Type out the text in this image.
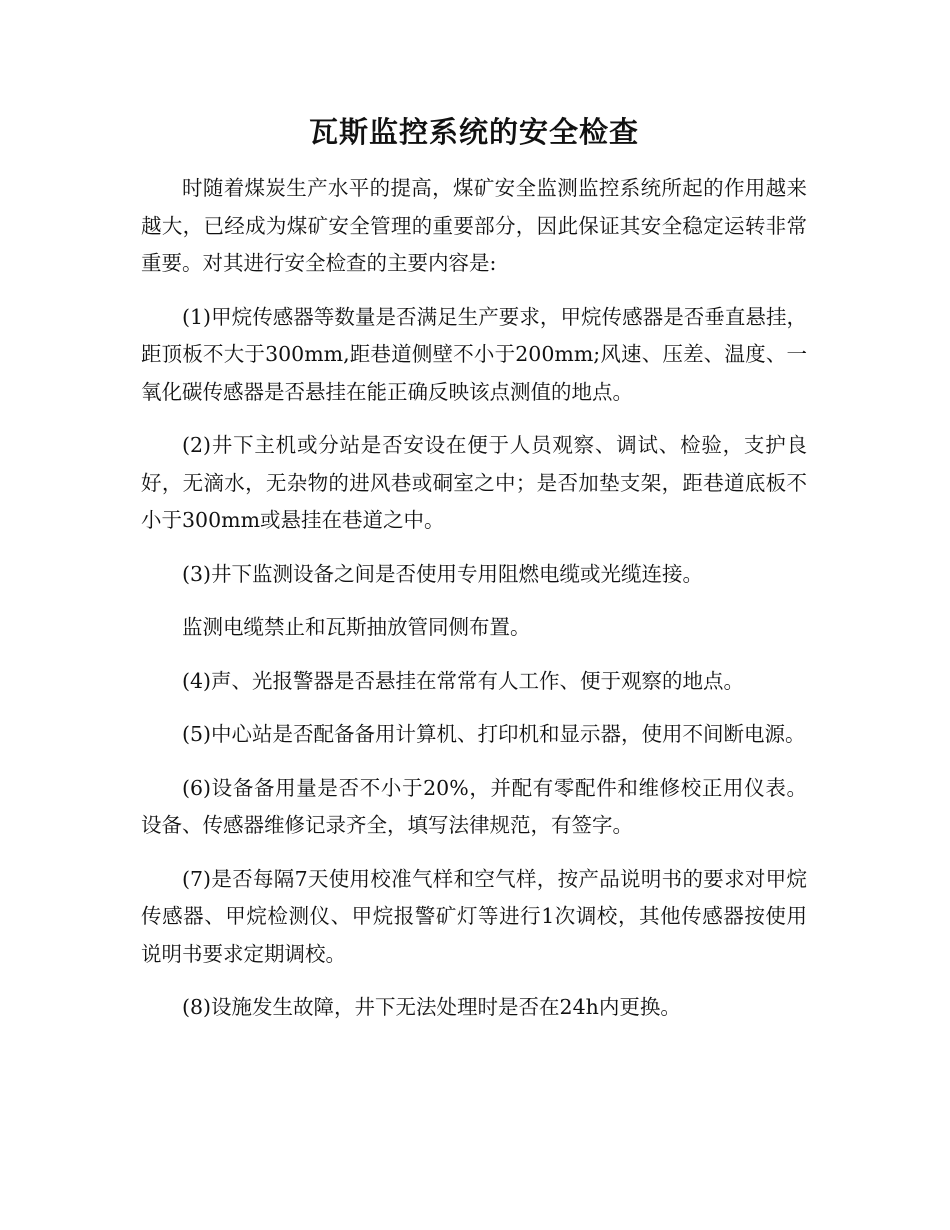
瓦斯监控系统的安全检查

时随着煤炭生产水平的提高，煤矿安全监测监控系统所起的作用越来越大，已经成为煤矿安全管理的重要部分，因此保证其安全稳定运转非常重要。对其进行安全检查的主要内容是:

(1)甲烷传感器等数量是否满足生产要求，甲烷传感器是否垂直悬挂，距顶板不大于300mm,距巷道侧壁不小于200mm;风速、压差、温度、一氧化碳传感器是否悬挂在能正确反映该点测值的地点。

(2)井下主机或分站是否安设在便于人员观察、调试、检验，支护良好，无滴水，无杂物的进风巷或硐室之中；是否加垫支架，距巷道底板不小于300mm或悬挂在巷道之中。

(3)井下监测设备之间是否使用专用阻燃电缆或光缆连接。

监测电缆禁止和瓦斯抽放管同侧布置。

(4)声、光报警器是否悬挂在常常有人工作、便于观察的地点。

(5)中心站是否配备备用计算机、打印机和显示器，使用不间断电源。

(6)设备备用量是否不小于20%，并配有零配件和维修校正用仪表。设备、传感器维修记录齐全，填写法律规范，有签字。

(7)是否每隔7天使用校准气样和空气样，按产品说明书的要求对甲烷传感器、甲烷检测仪、甲烷报警矿灯等进行1次调校，其他传感器按使用说明书要求定期调校。

(8)设施发生故障，井下无法处理时是否在24h内更换。
